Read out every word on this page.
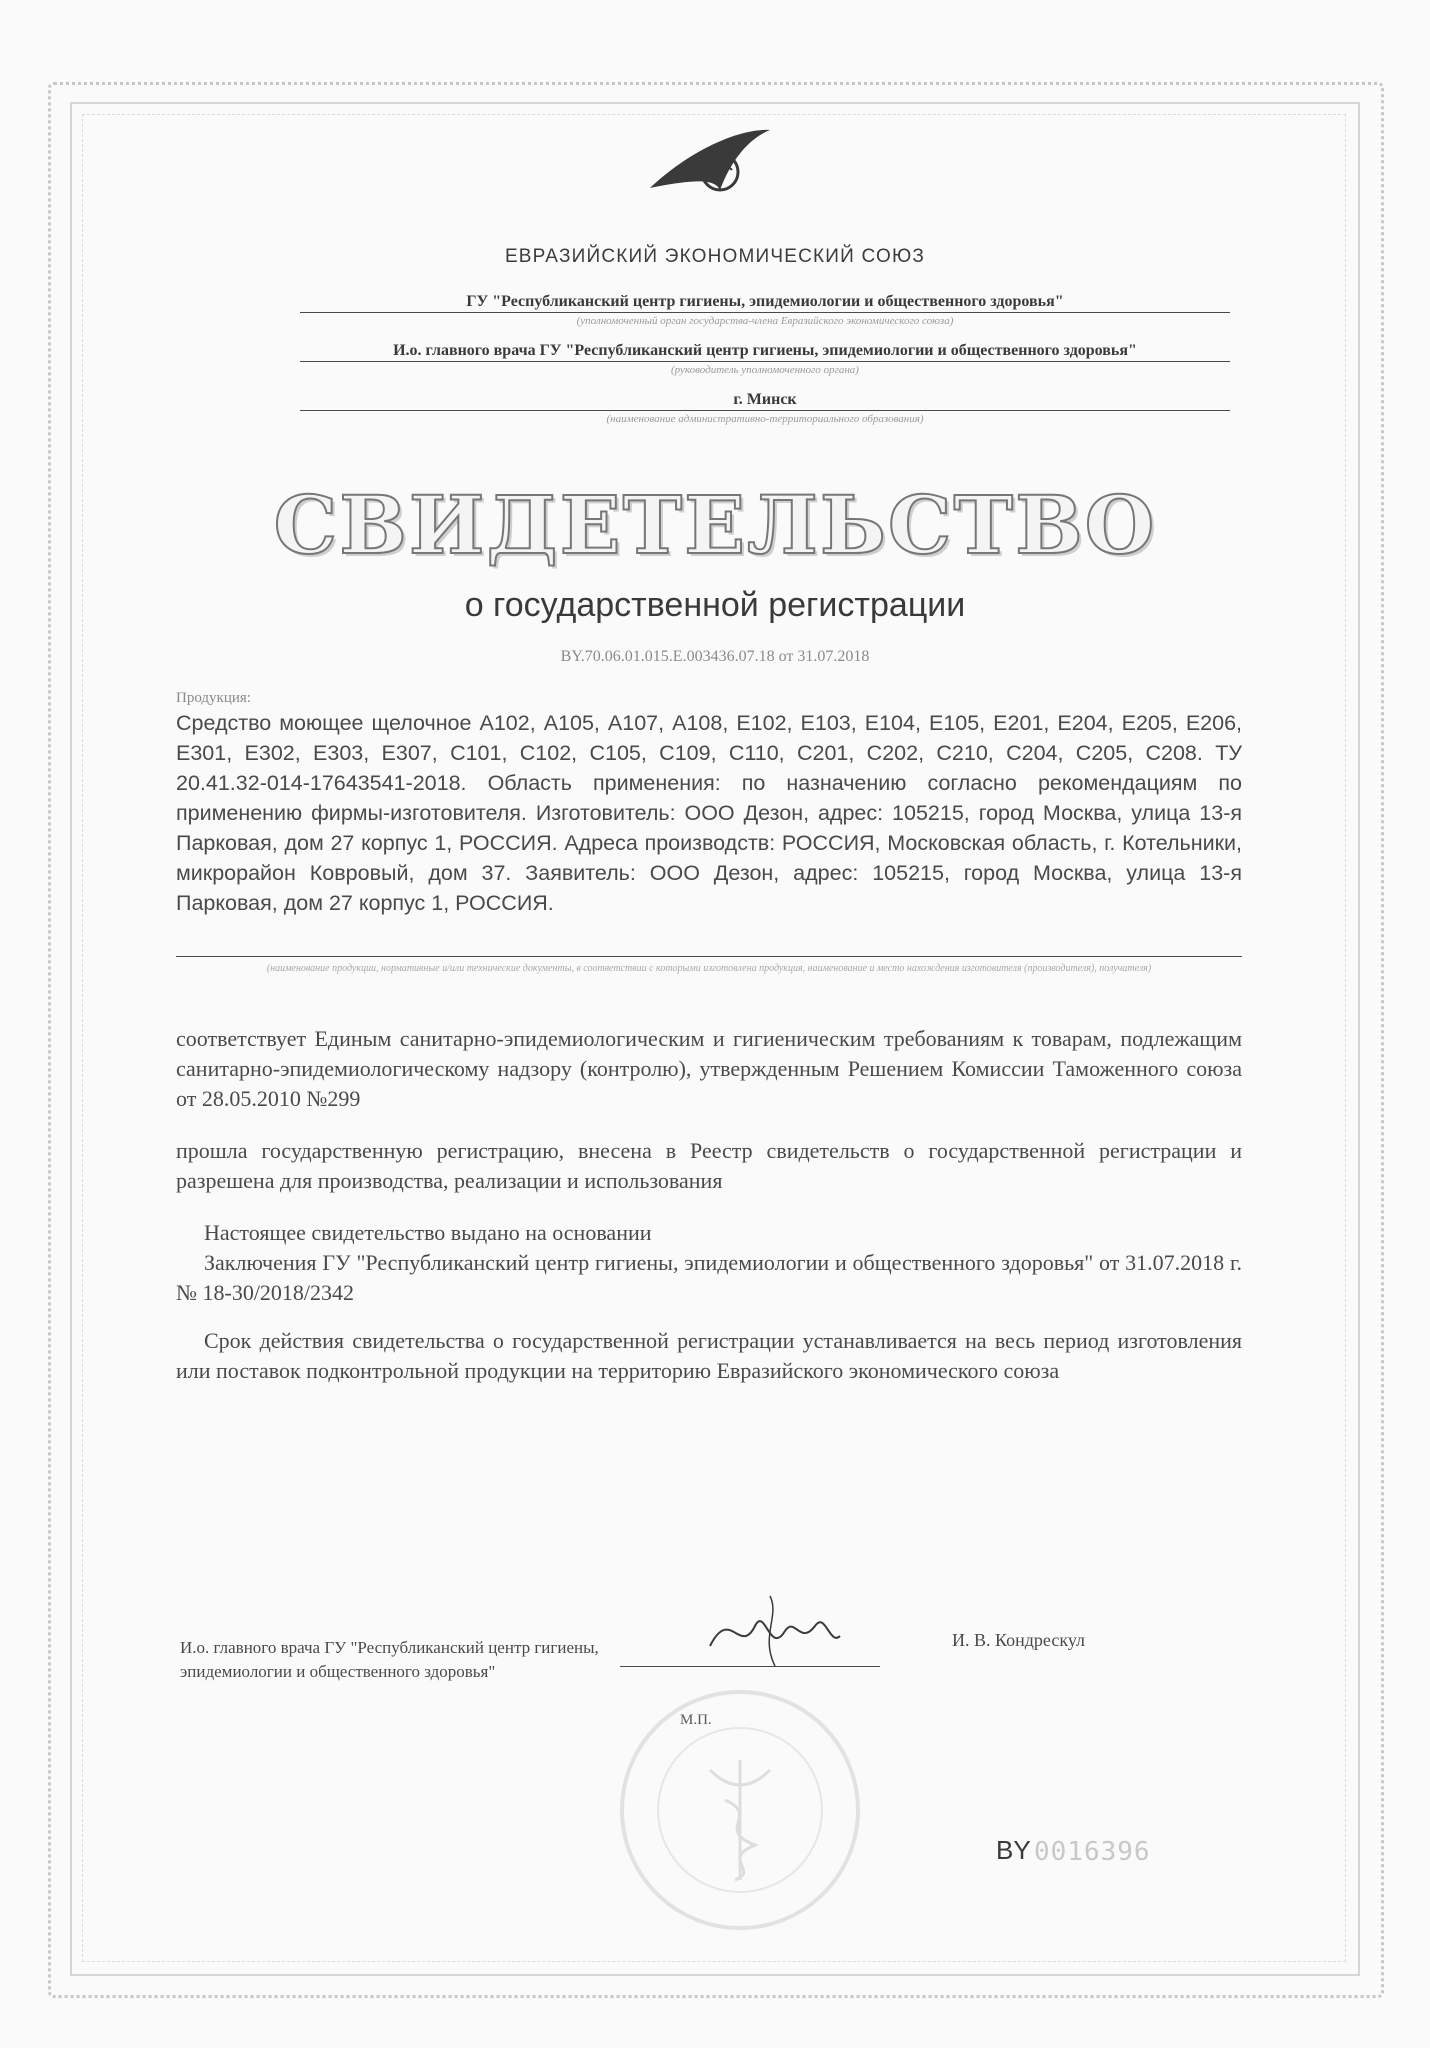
ЕВРАЗИЙСКИЙ ЭКОНОМИЧЕСКИЙ СОЮЗ
ГУ "Республиканский центр гигиены, эпидемиологии и общественного здоровья"
(уполномоченный орган государства-члена Евразийского экономического союза)
И.о. главного врача ГУ "Республиканский центр гигиены, эпидемиологии и общественного здоровья"
(руководитель уполномоченного органа)
г. Минск
(наименование административно-территориального образования)
СВИДЕТЕЛЬСТВО
о государственной регистрации
BY.70.06.01.015.Е.003436.07.18 от 31.07.2018
Продукция:
Средство моющее щелочное А102, А105, А107, А108, Е102, Е103, Е104, Е105, Е201, Е204, Е205, Е206, Е301, Е302, Е303, Е307, С101, С102, С105, С109, С110, С201, С202, С210, С204, С205, С208. ТУ 20.41.32-014-17643541-2018. Область применения: по назначению согласно рекомендациям по применению фирмы-изготовителя. Изготовитель: ООО Дезон, адрес: 105215, город Москва, улица 13-я Парковая, дом 27 корпус 1, РОССИЯ. Адреса производств: РОССИЯ, Московская область, г. Котельники, микрорайон Ковровый, дом 37. Заявитель: ООО Дезон, адрес: 105215, город Москва, улица 13-я Парковая, дом 27 корпус 1, РОССИЯ.
(наименование продукции, нормативные и/или технические документы, в соответствии с которыми изготовлена продукция, наименование и место нахождения изготовителя (производителя), получателя)
соответствует Единым санитарно-эпидемиологическим и гигиеническим требованиям к товарам, подлежащим санитарно-эпидемиологическому надзору (контролю), утвержденным Решением Комиссии Таможенного союза от 28.05.2010 №299
прошла государственную регистрацию, внесена в Реестр свидетельств о государственной регистрации и разрешена для производства, реализации и использования
Настоящее свидетельство выдано на основании
Заключения ГУ "Республиканский центр гигиены, эпидемиологии и общественного здоровья" от 31.07.2018 г. № 18-30/2018/2342
Срок действия свидетельства о государственной регистрации устанавливается на весь период изготовления или поставок подконтрольной продукции на территорию Евразийского экономического союза
И.о. главного врача ГУ "Республиканский центр гигиены, эпидемиологии и общественного здоровья"
М.П.
И. В. Кондрескул
BY 0016396
